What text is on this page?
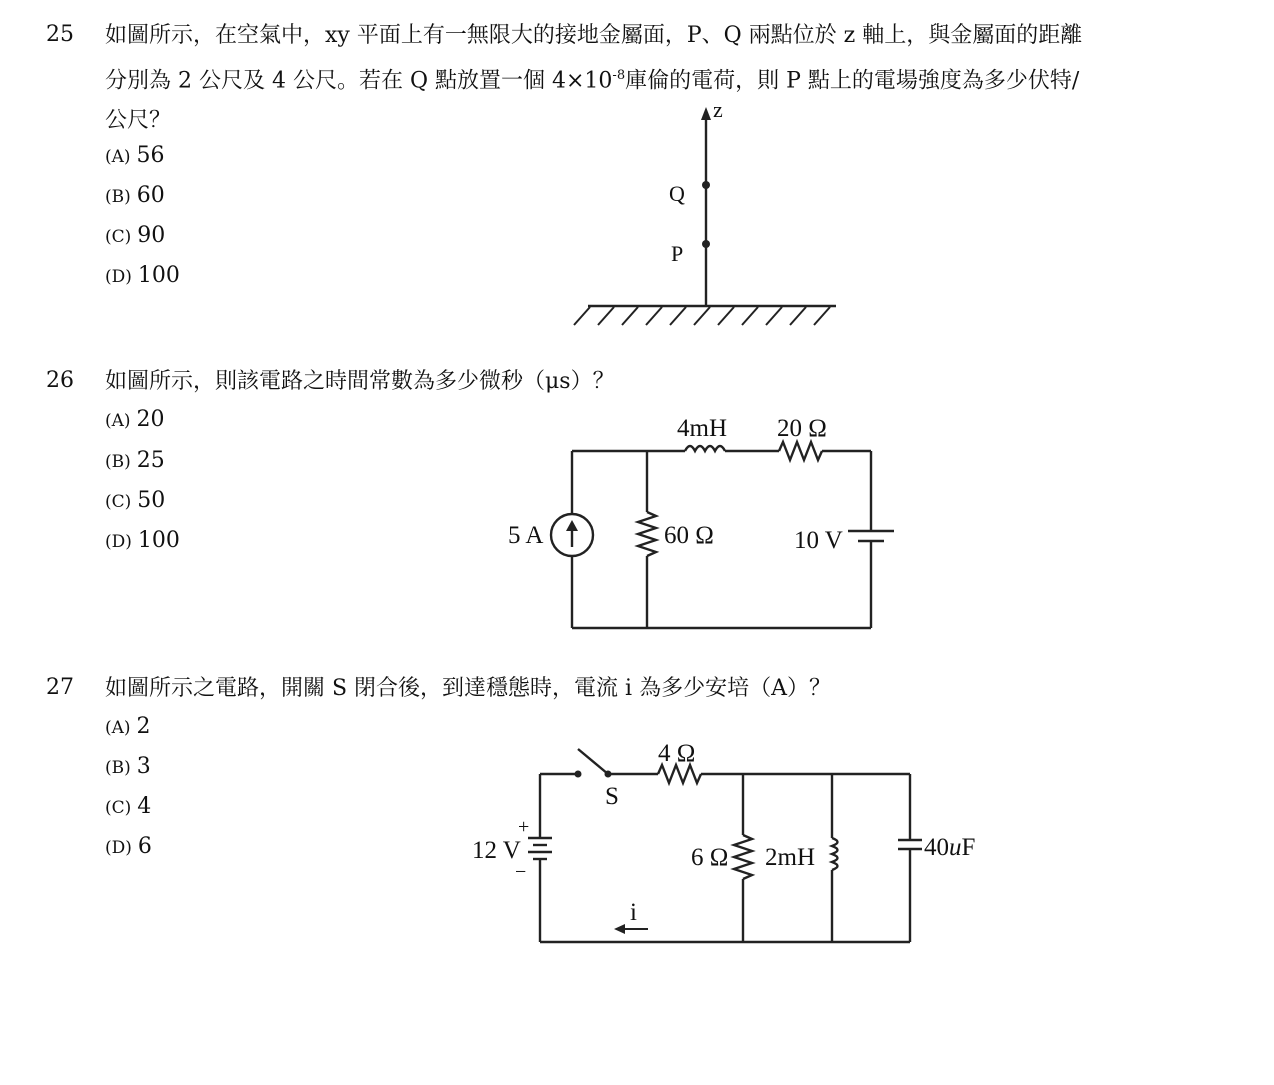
25 如圖所示，在空氣中，xy 平面上有一無限大的接地金屬面，P、Q 兩點位於 z 軸上，與金屬面的距離
分別為 2 公尺及 4 公尺。若在 Q 點放置一個 $4\times 10^{-8}$庫倫的電荷，則 P 點上的電場強度為多少伏特/
公尺？
(A) 56
(B) 60
(C) 90
(D) 100
z
Q
P
26 如圖所示，則該電路之時間常數為多少微秒（μs）？
(A) 20
(B) 25
(C) 50
(D) 100	5 A
4mH 20 Ω
60 Ω	10 V
27 如圖所示之電路，開關 S 閉合後，到達穩態時，電流 i 為多少安培（A）？
(A) 2
(B) 3
(C) 4
(D) 6
+
−
12 V
S
4 Ω
6 Ω 2mH	40uF
i
